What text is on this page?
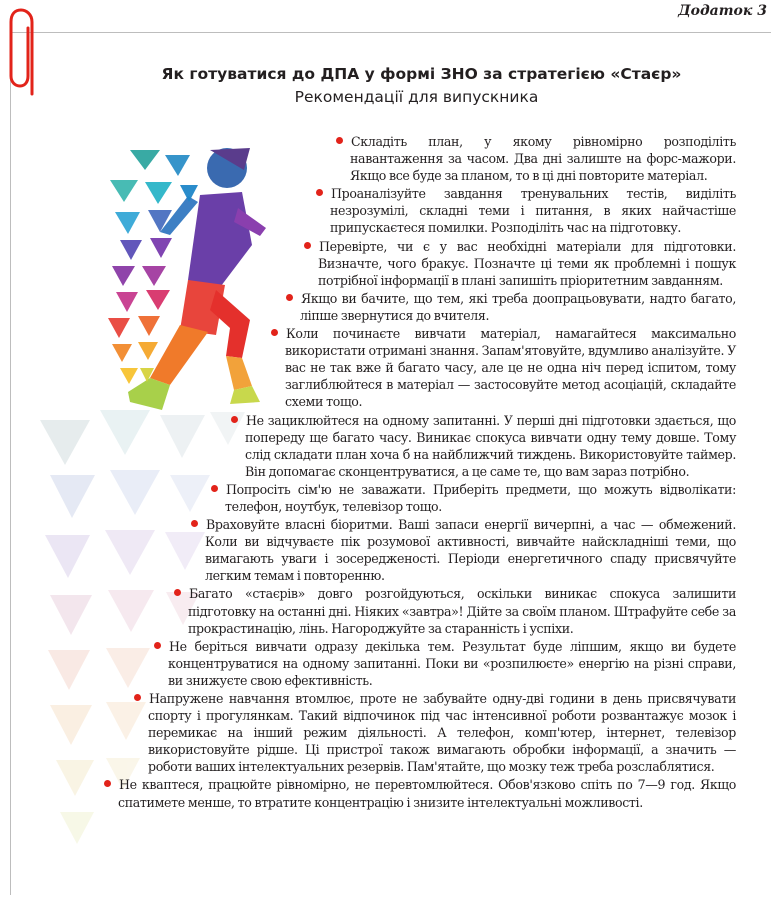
Додаток 3
Як готуватися до ДПА у формі ЗНО за стратегією «Стаєр»
Рекомендації для випускника

Складіть план, у якому рівномірно розподіліть навантаження за часом. Два дні залиште на форс-мажори. Якщо все буде за планом, то в ці дні повторите матеріал.

Проаналізуйте завдання тренувальних тестів, виділіть незрозумілі, складні теми і питання, в яких найчастіше припускаєтеся помилки. Розподіліть час на підготовку.

Перевірте, чи є у вас необхідні матеріали для підготовки. Визначте, чого бракує. Позначте ці теми як проблемні і пошук потрібної інформації в плані запишіть пріоритетним завданням.

Якщо ви бачите, що тем, які треба доопрацьовувати, надто багато, ліпше звернутися до вчителя.

Коли починаєте вивчати матеріал, намагайтеся максимально використати отримані знання. Запам'ятовуйте, вдумливо аналізуйте. У вас не так вже й багато часу, але це не одна ніч перед іспитом, тому заглиблюйтеся в матеріал — застосовуйте метод асоціацій, складайте схеми тощо.

Не зациклюйтеся на одному запитанні. У перші дні підготовки здається, що попереду ще багато часу. Виникає спокуса вивчати одну тему довше. Тому слід складати план хоча б на найближчий тиждень. Використовуйте таймер. Він допомагає сконцентруватися, а це саме те, що вам зараз потрібно.

Попросіть сім'ю не заважати. Приберіть предмети, що можуть відволікати: телефон, ноутбук, телевізор тощо.

Враховуйте власні біоритми. Ваші запаси енергії вичерпні, а час — обмежений. Коли ви відчуваєте пік розумової активності, вивчайте найскладніші теми, що вимагають уваги і зосередженості. Періоди енергетичного спаду присвячуйте легким темам і повторенню.

Багато «стаєрів» довго розгойдуються, оскільки виникає спокуса залишити підготовку на останні дні. Ніяких «завтра»! Дійте за своїм планом. Штрафуйте себе за прокрастинацію, лінь. Нагороджуйте за старанність і успіхи.

Не беріться вивчати одразу декілька тем. Результат буде ліпшим, якщо ви будете концентруватися на одному запитанні. Поки ви «розпилюєте» енергію на різні справи, ви знижуєте свою ефективність.

Напружене навчання втомлює, проте не забувайте одну-дві години в день присвячувати спорту і прогулянкам. Такий відпочинок під час інтенсивної роботи розвантажує мозок і перемикає на інший режим діяльності. А телефон, комп'ютер, інтернет, телевізор використовуйте рідше. Ці пристрої також вимагають обробки інформації, а значить — роботи ваших інтелектуальних резервів. Пам'ятайте, що мозку теж треба розслаблятися.

Не кваптеся, працюйте рівномірно, не перевтомлюйтеся. Обов'язково спіть по 7—9 год. Якщо спатимете менше, то втратите концентрацію і знизите інтелектуальні можливості.
